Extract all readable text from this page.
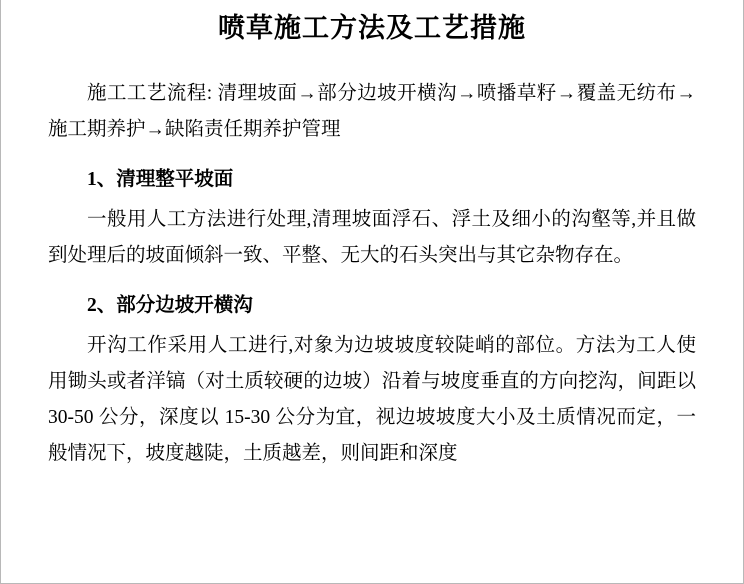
喷草施工方法及工艺措施

施工工艺流程: 清理坡面→部分边坡开横沟→喷播草籽→覆盖无纺布→施工期养护→缺陷责任期养护管理

1、清理整平坡面

一般用人工方法进行处理,清理坡面浮石、浮土及细小的沟壑等,并且做到处理后的坡面倾斜一致、平整、无大的石头突出与其它杂物存在。

2、部分边坡开横沟

开沟工作采用人工进行,对象为边坡坡度较陡峭的部位。方法为工人使用锄头或者洋镐（对土质较硬的边坡）沿着与坡度垂直的方向挖沟，间距以 30-50 公分，深度以 15-30 公分为宜，视边坡坡度大小及土质情况而定，一般情况下，坡度越陡，土质越差，则间距和深度
